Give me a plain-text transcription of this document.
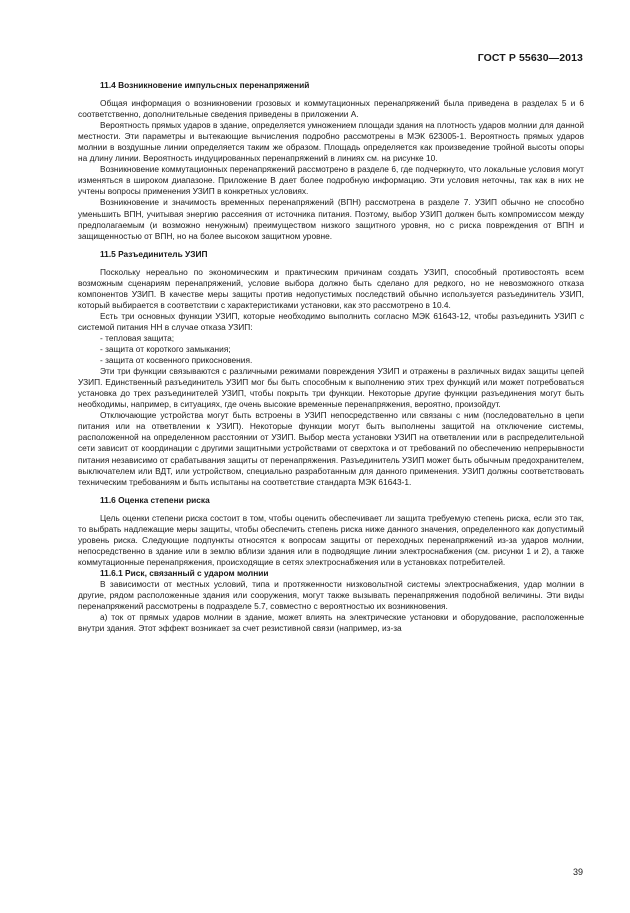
ГОСТ Р 55630—2013

11.4 Возникновение импульсных перенапряжений

Общая информация о возникновении грозовых и коммутационных перенапряжений была приведена в разделах 5 и 6 соответственно, дополнительные сведения приведены в приложении А.

Вероятность прямых ударов в здание, определяется умножением площади здания на плотность ударов молнии для данной местности. Эти параметры и вытекающие вычисления подробно рассмотрены в МЭК 623005-1. Вероятность прямых ударов молнии в воздушные линии определяется таким же образом. Площадь определяется как произведение тройной высоты опоры на длину линии. Вероятность индуцированных перенапряжений в линиях см. на рисунке 10.

Возникновение коммутационных перенапряжений рассмотрено в разделе 6, где подчеркнуто, что локальные условия могут изменяться в широком диапазоне. Приложение В дает более подробную информацию. Эти условия неточны, так как в них не учтены вопросы применения УЗИП в конкретных условиях.

Возникновение и значимость временных перенапряжений (ВПН) рассмотрена в разделе 7. УЗИП обычно не способно уменьшить ВПН, учитывая энергию рассеяния от источника питания. Поэтому, выбор УЗИП должен быть компромиссом между предполагаемым (и возможно ненужным) преимуществом низкого защитного уровня, но с риска повреждения от ВПН и защищенностью от ВПН, но на более высоком защитном уровне.

11.5 Разъединитель УЗИП

Поскольку нереально по экономическим и практическим причинам создать УЗИП, способный противостоять всем возможным сценариям перенапряжений, условие выбора должно быть сделано для редкого, но не невозможного отказа компонентов УЗИП. В качестве меры защиты против недопустимых последствий обычно используется разъединитель УЗИП, который выбирается в соответствии с характеристиками установки, как это рассмотрено в 10.4.

Есть три основных функции УЗИП, которые необходимо выполнить согласно МЭК 61643-12, чтобы разъединить УЗИП с системой питания НН в случае отказа УЗИП:

- тепловая защита;

- защита от короткого замыкания;

- защита от косвенного прикосновения.

Эти три функции связываются с различными режимами повреждения УЗИП и отражены в различных видах защиты цепей УЗИП. Единственный разъединитель УЗИП мог бы быть способным к выполнению этих трех функций или может потребоваться установка до трех разъединителей УЗИП, чтобы покрыть три функции. Некоторые другие функции разъединения могут быть необходимы, например, в ситуациях, где очень высокие временные перенапряжения, вероятно, произойдут.

Отключающие устройства могут быть встроены в УЗИП непосредственно или связаны с ним (последовательно в цепи питания или на ответвлении к УЗИП). Некоторые функции могут быть выполнены защитой на отключение системы, расположенной на определенном расстоянии от УЗИП. Выбор места установки УЗИП на ответвлении или в распределительной сети зависит от координации с другими защитными устройствами от сверхтока и от требований по обеспечению непрерывности питания независимо от срабатывания защиты от перенапряжения. Разъединитель УЗИП может быть обычным предохранителем, выключателем или ВДТ, или устройством, специально разработанным для данного применения. УЗИП должны соответствовать техническим требованиям и быть испытаны на соответствие стандарта МЭК 61643-1.

11.6 Оценка степени риска

Цель оценки степени риска состоит в том, чтобы оценить обеспечивает ли защита требуемую степень риска, если это так, то выбрать надлежащие меры защиты, чтобы обеспечить степень риска ниже данного значения, определенного как допустимый уровень риска. Следующие подпункты относятся к вопросам защиты от переходных перенапряжений из-за ударов молнии, непосредственно в здание или в землю вблизи здания или в подводящие линии электроснабжения (см. рисунки 1 и 2), а также коммутационные перенапряжения, происходящие в сетях электроснабжения или в установках потребителей.

11.6.1 Риск, связанный с ударом молнии

В зависимости от местных условий, типа и протяженности низковольтной системы электроснабжения, удар молнии в другие, рядом расположенные здания или сооружения, могут также вызывать перенапряжения подобной величины. Эти виды перенапряжений рассмотрены в подразделе 5.7, совместно с вероятностью их возникновения.

а) ток от прямых ударов молнии в здание, может влиять на электрические установки и оборудование, расположенные внутри здания. Этот эффект возникает за счет резистивной связи (например, из-за

39
